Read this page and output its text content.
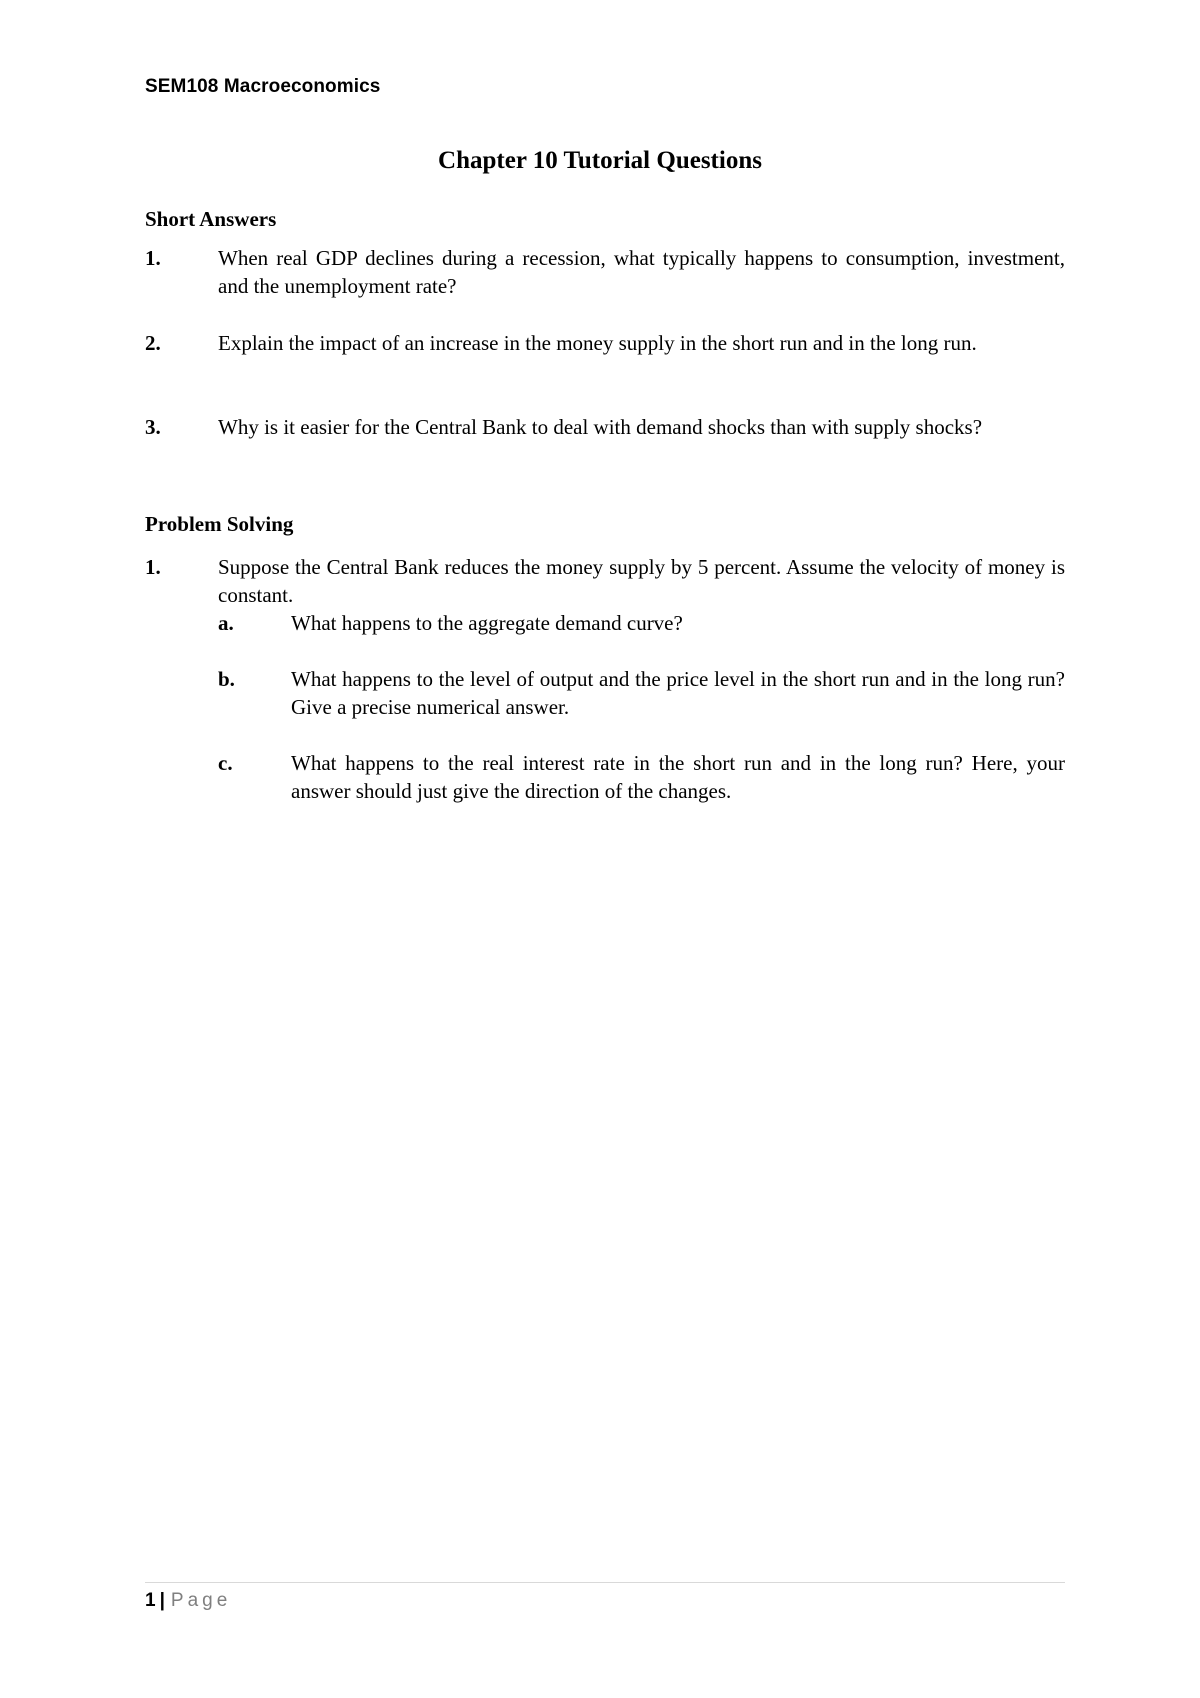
SEM108 Macroeconomics
Chapter 10 Tutorial Questions
Short Answers
1.	When real GDP declines during a recession, what typically happens to consumption, investment, and the unemployment rate?
2.	Explain the impact of an increase in the money supply in the short run and in the long run.
3.	Why is it easier for the Central Bank to deal with demand shocks than with supply shocks?
Problem Solving
1.	Suppose the Central Bank reduces the money supply by 5 percent. Assume the velocity of money is constant.
a.	What happens to the aggregate demand curve?
b.	What happens to the level of output and the price level in the short run and in the long run? Give a precise numerical answer.
c.	What happens to the real interest rate in the short run and in the long run? Here, your answer should just give the direction of the changes.
1 | Page
